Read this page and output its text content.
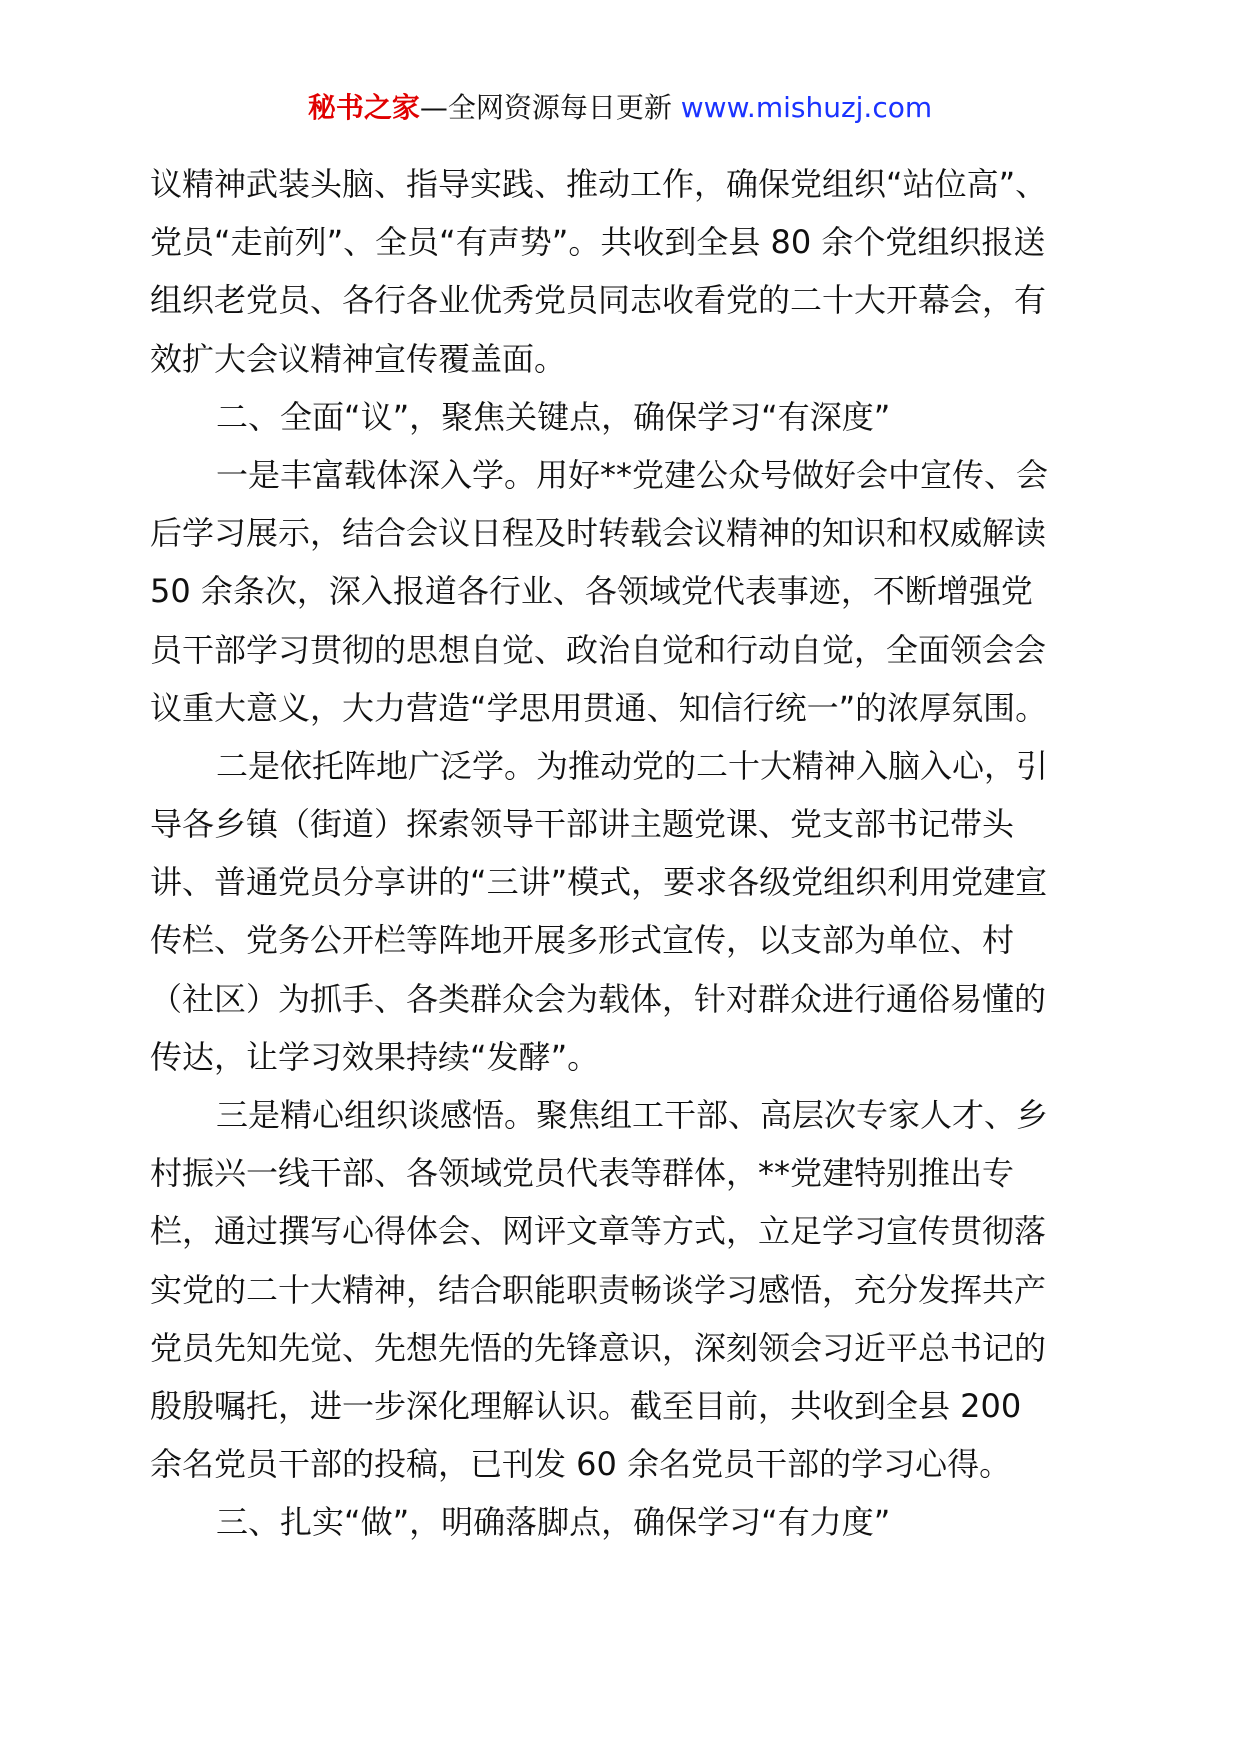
秘书之家—全网资源每日更新 www.mishuzj.com
议精神武装头脑、指导实践、推动工作，确保党组织“站位高”、
党员“走前列”、全员“有声势”。共收到全县 80 余个党组织报送
组织老党员、各行各业优秀党员同志收看党的二十大开幕会，有
效扩大会议精神宣传覆盖面。
二、全面“议”，聚焦关键点，确保学习“有深度”
一是丰富载体深入学。用好**党建公众号做好会中宣传、会
后学习展示，结合会议日程及时转载会议精神的知识和权威解读
50 余条次，深入报道各行业、各领域党代表事迹，不断增强党
员干部学习贯彻的思想自觉、政治自觉和行动自觉，全面领会会
议重大意义，大力营造“学思用贯通、知信行统一”的浓厚氛围。
二是依托阵地广泛学。为推动党的二十大精神入脑入心，引
导各乡镇（街道）探索领导干部讲主题党课、党支部书记带头
讲、普通党员分享讲的“三讲”模式，要求各级党组织利用党建宣
传栏、党务公开栏等阵地开展多形式宣传，以支部为单位、村
（社区）为抓手、各类群众会为载体，针对群众进行通俗易懂的
传达，让学习效果持续“发酵”。
三是精心组织谈感悟。聚焦组工干部、高层次专家人才、乡
村振兴一线干部、各领域党员代表等群体，**党建特别推出专
栏，通过撰写心得体会、网评文章等方式，立足学习宣传贯彻落
实党的二十大精神，结合职能职责畅谈学习感悟，充分发挥共产
党员先知先觉、先想先悟的先锋意识，深刻领会习近平总书记的
殷殷嘱托，进一步深化理解认识。截至目前，共收到全县 200
余名党员干部的投稿，已刊发 60 余名党员干部的学习心得。
三、扎实“做”，明确落脚点，确保学习“有力度”
